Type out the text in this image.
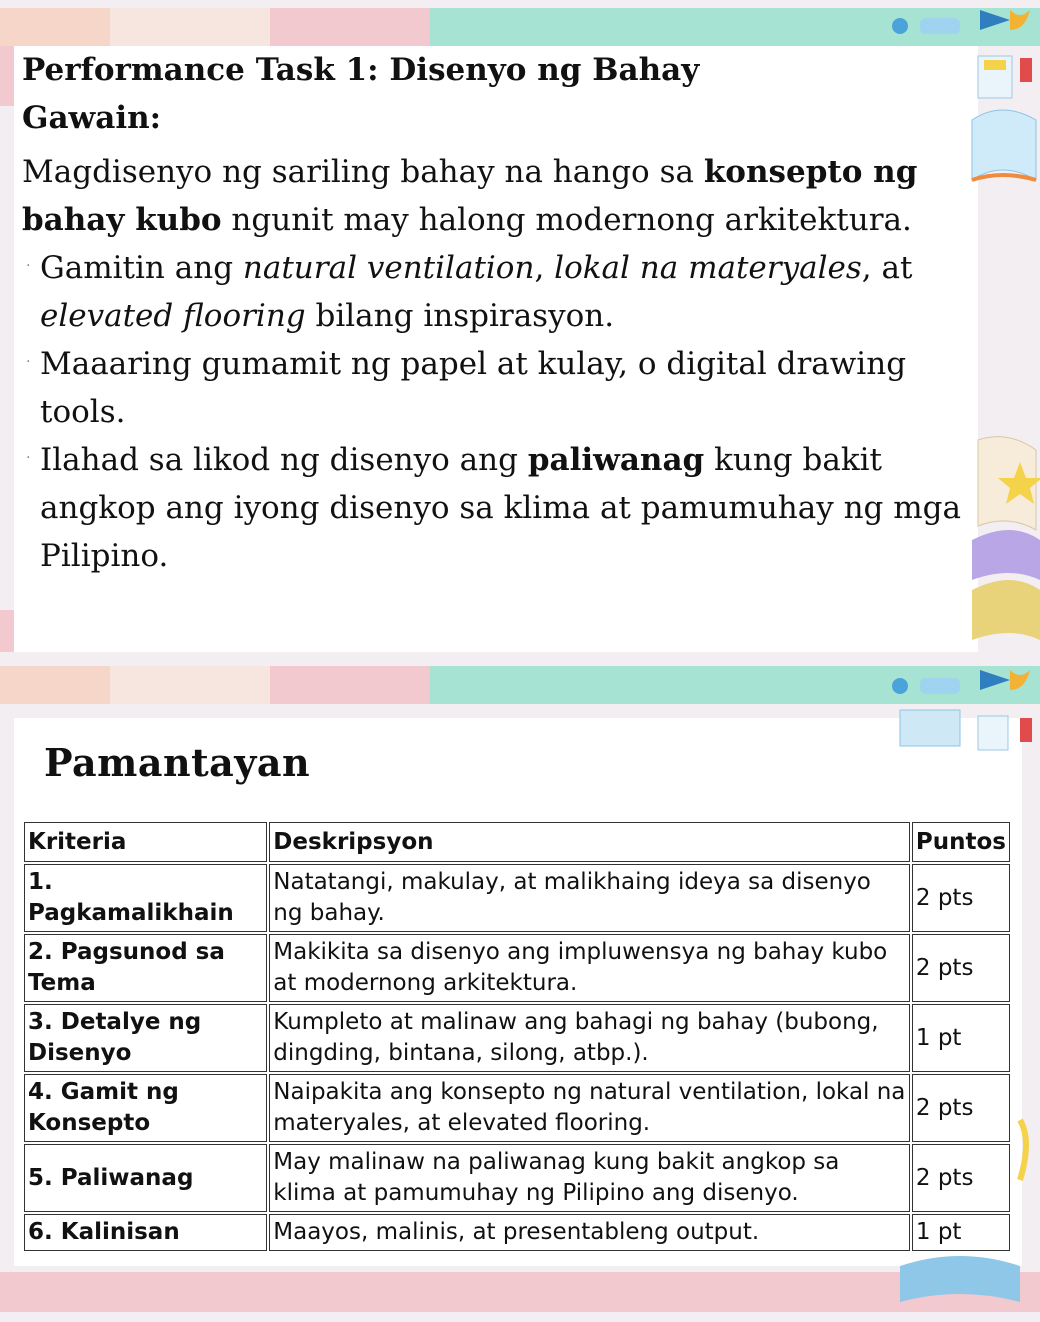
Performance Task 1: Disenyo ng Bahay
Gawain:
Magdisenyo ng sariling bahay na hango sa konsepto ng bahay kubo ngunit may halong modernong arkitektura.
. Gamitin ang natural ventilation, lokal na materyales, at elevated flooring bilang inspirasyon.
. Maaaring gumamit ng papel at kulay, o digital drawing tools.
. Ilahad sa likod ng disenyo ang paliwanag kung bakit angkop ang iyong disenyo sa klima at pamumuhay ng mga Pilipino.
Pamantayan
Kriteria	Deskripsyon	Puntos
1. Pagkamalikhain	Natatangi, makulay, at malikhaing ideya sa disenyo ng bahay.	2 pts
2. Pagsunod sa Tema	Makikita sa disenyo ang impluwensya ng bahay kubo at modernong arkitektura.	2 pts
3. Detalye ng Disenyo	Kumpleto at malinaw ang bahagi ng bahay (bubong, dingding, bintana, silong, atbp.).	1 pt
4. Gamit ng Konsepto	Naipakita ang konsepto ng natural ventilation, lokal na materyales, at elevated flooring.	2 pts
5. Paliwanag	May malinaw na paliwanag kung bakit angkop sa klima at pamumuhay ng Pilipino ang disenyo.	2 pts
6. Kalinisan	Maayos, malinis, at presentableng output.	1 pt
